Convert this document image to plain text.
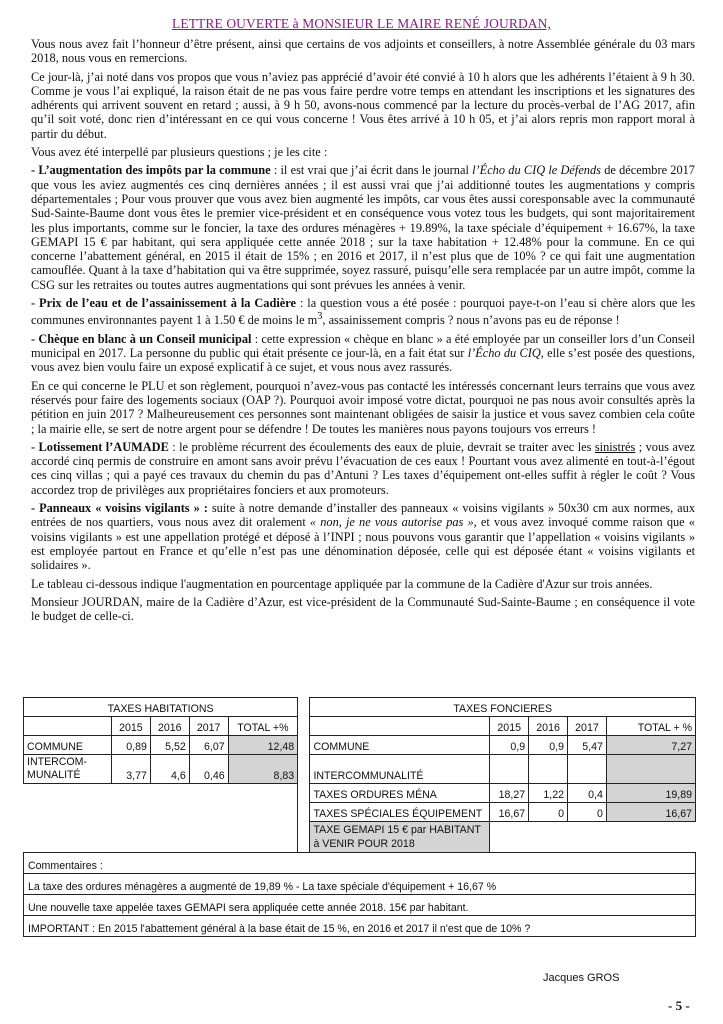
LETTRE OUVERTE à MONSIEUR LE MAIRE RENÉ JOURDAN,

Vous nous avez fait l’honneur d’être présent, ainsi que certains de vos adjoints et conseillers, à notre Assemblée générale du 03 mars 2018, nous vous en remercions.

Ce jour-là, j’ai noté dans vos propos que vous n’aviez pas apprécié d’avoir été convié à 10 h alors que les adhérents l’étaient à 9 h 30. Comme je vous l’ai expliqué, la raison était de ne pas vous faire perdre votre temps en attendant les inscriptions et les signatures des adhérents qui arrivent souvent en retard ; aussi, à 9 h 50, avons-nous commencé par la lecture du procès-verbal de l’AG 2017, afin qu’il soit voté, donc rien d’intéressant en ce qui vous concerne ! Vous êtes arrivé à 10 h 05, et j’ai alors repris mon rapport moral à partir du début.

Vous avez été interpellé par plusieurs questions ; je les cite :

- L’augmentation des impôts par la commune : il est vrai que j’ai écrit dans le journal l’Écho du CIQ le Défends de décembre 2017 que vous les aviez augmentés ces cinq dernières années ; il est aussi vrai que j’ai additionné toutes les augmentations y compris départementales ; Pour vous prouver que vous avez bien augmenté les impôts, car vous êtes aussi coresponsable avec la communauté Sud-Sainte-Baume dont vous êtes le premier vice-président et en conséquence vous votez tous les budgets, qui sont majoritairement les plus importants, comme sur le foncier, la taxe des ordures ménagères + 19.89%, la taxe spéciale d’équipement + 16.67%, la taxe GEMAPI 15 € par habitant, qui sera appliquée cette année 2018 ; sur la taxe habitation + 12.48% pour la commune. En ce qui concerne l’abattement général, en 2015 il était de 15% ; en 2016 et 2017, il n’est plus que de 10% ? ce qui fait une augmentation camouflée. Quant à la taxe d’habitation qui va être supprimée, soyez rassuré, puisqu’elle sera remplacée par un autre impôt, comme la CSG sur les retraites ou toutes autres augmentations qui sont prévues les années à venir.

- Prix de l’eau et de l’assainissement à la Cadière : la question vous a été posée : pourquoi paye-t-on l’eau si chère alors que les communes environnantes payent 1 à 1.50 € de moins le $m^3$, assainissement compris ? nous n’avons pas eu de réponse !

- Chèque en blanc à un Conseil municipal : cette expression « chèque en blanc » a été employée par un conseiller lors d’un Conseil municipal en 2017. La personne du public qui était présente ce jour-là, en a fait état sur l’Écho du CIQ, elle s’est posée des questions, vous avez bien voulu faire un exposé explicatif à ce sujet, et vous nous avez rassurés.

En ce qui concerne le PLU et son règlement, pourquoi n’avez-vous pas contacté les intéressés concernant leurs terrains que vous avez réservés pour faire des logements sociaux (OAP ?). Pourquoi avoir imposé votre dictat, pourquoi ne pas nous avoir consultés après la pétition en juin 2017 ? Malheureusement ces personnes sont maintenant obligées de saisir la justice et vous savez combien cela coûte ; la mairie elle, se sert de notre argent pour se défendre ! De toutes les manières nous payons toujours vos erreurs !

- Lotissement l’AUMADE : le problème récurrent des écoulements des eaux de pluie, devrait se traiter avec les sinistrés ; vous avez accordé cinq permis de construire en amont sans avoir prévu l’évacuation de ces eaux ! Pourtant vous avez alimenté en tout-à-l’égout ces cinq villas ; qui a payé ces travaux du chemin du pas d’Antuni ? Les taxes d’équipement ont-elles suffit à régler le coût ? Vous accordez trop de privilèges aux propriétaires fonciers et aux promoteurs.

- Panneaux « voisins vigilants » : suite à notre demande d’installer des panneaux « voisins vigilants » 50x30 cm aux normes, aux entrées de nos quartiers, vous nous avez dit oralement « non, je ne vous autorise pas », et vous avez invoqué comme raison que « voisins vigilants » est une appellation protégé et déposé à l’INPI ; nous pouvons vous garantir que l’appellation « voisins vigilants » est employée partout en France et qu’elle n’est pas une dénomination déposée, celle qui est déposée étant « voisins vigilants et solidaires ».

Le tableau ci-dessous indique l'augmentation en pourcentage appliquée par la commune de la Cadière d'Azur sur trois années.

Monsieur JOURDAN, maire de la Cadière d’Azur, est vice-président de la Communauté Sud-Sainte-Baume ; en conséquence il vote le budget de celle-ci.

TAXES HABITATIONS						TAXES FONCIERES				
	2015	2016	2017	TOTAL +%			2015	2016	2017	TOTAL + %
COMMUNE	0,89	5,52	6,07	12,48		COMMUNE	0,9	0,9	5,47	7,27
INTERCOM-
MUNALITÉ	3,77	4,6	0,46	8,83		INTERCOMMUNALITÉ				
						TAXES ORDURES MÉNA	18,27	1,22	0,4	19,89
						TAXES SPÉCIALES ÉQUIPEMENT	16,67	0	0	16,67
						TAXE GEMAPI 15 € par HABITANT
à VENIR POUR 2018				
Commentaires :										
La taxe des ordures ménagères a augmenté de 19,89 % - La taxe spéciale d'équipement + 16,67 %										
Une nouvelle taxe appelée taxes GEMAPI sera appliquée cette année 2018. 15€ par habitant.										
IMPORTANT : En 2015 l'abattement général à la base était de 15 %, en 2016 et 2017 il n'est que de 10% ?										
Jacques GROS
- 5 -
